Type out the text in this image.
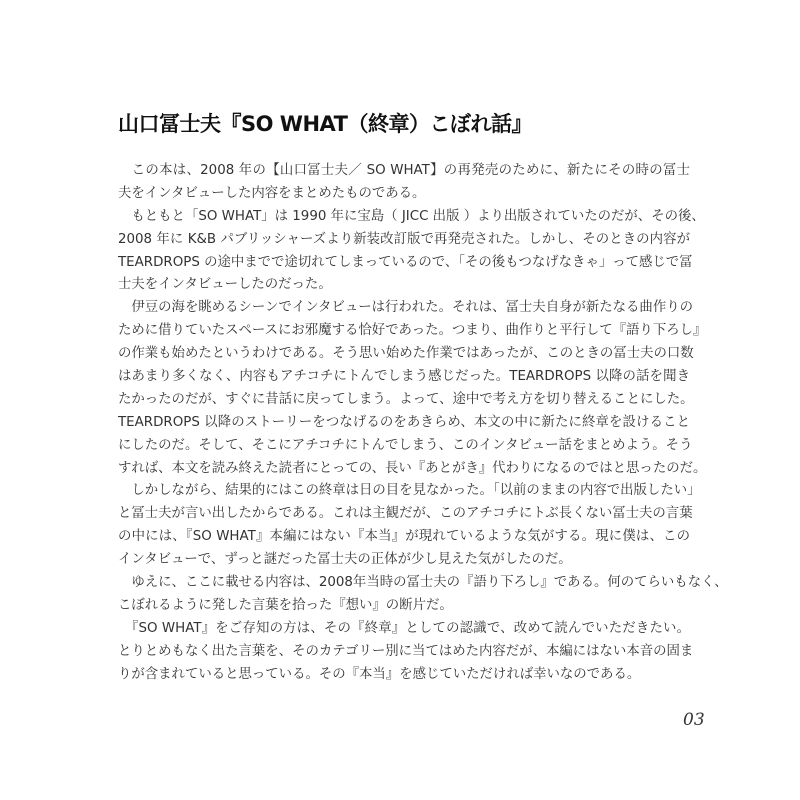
山口冨士夫『SO WHAT（終章）こぼれ話』
　この本は、2008 年の【山口冨士夫／ SO WHAT】の再発売のために、新たにその時の冨士
夫をインタビューした内容をまとめたものである。
　もともと「SO WHAT」は 1990 年に宝島（ JICC 出版 ）より出版されていたのだが、その後、
2008 年に K&B パブリッシャーズより新装改訂版で再発売された。しかし、そのときの内容が
TEARDROPS の途中までで途切れてしまっているので、「その後もつなげなきゃ」って感じで冨
士夫をインタビューしたのだった。
　伊豆の海を眺めるシーンでインタビューは行われた。それは、冨士夫自身が新たなる曲作りの
ために借りていたスペースにお邪魔する恰好であった。つまり、曲作りと平行して『語り下ろし』
の作業も始めたというわけである。そう思い始めた作業ではあったが、このときの冨士夫の口数
はあまり多くなく、内容もアチコチにトんでしまう感じだった。TEARDROPS 以降の話を聞き
たかったのだが、すぐに昔話に戻ってしまう。よって、途中で考え方を切り替えることにした。
TEARDROPS 以降のストーリーをつなげるのをあきらめ、本文の中に新たに終章を設けること
にしたのだ。そして、そこにアチコチにトんでしまう、このインタビュー話をまとめよう。そう
すれば、本文を読み終えた読者にとっての、長い『あとがき』代わりになるのではと思ったのだ。
　しかしながら、結果的にはこの終章は日の目を見なかった。「以前のままの内容で出版したい」
と冨士夫が言い出したからである。これは主観だが、このアチコチにトぶ長くない冨士夫の言葉
の中には、『SO WHAT』本編にはない『本当』が現れているような気がする。現に僕は、この
インタビューで、ずっと謎だった冨士夫の正体が少し見えた気がしたのだ。
　ゆえに、ここに載せる内容は、2008年当時の冨士夫の『語り下ろし』である。何のてらいもなく、
こぼれるように発した言葉を拾った『想い』の断片だ。
　『SO WHAT』をご存知の方は、その『終章』としての認識で、改めて読んでいただきたい。
とりとめもなく出た言葉を、そのカテゴリー別に当てはめた内容だが、本編にはない本音の固ま
りが含まれていると思っている。その『本当』を感じていただければ幸いなのである。
03
